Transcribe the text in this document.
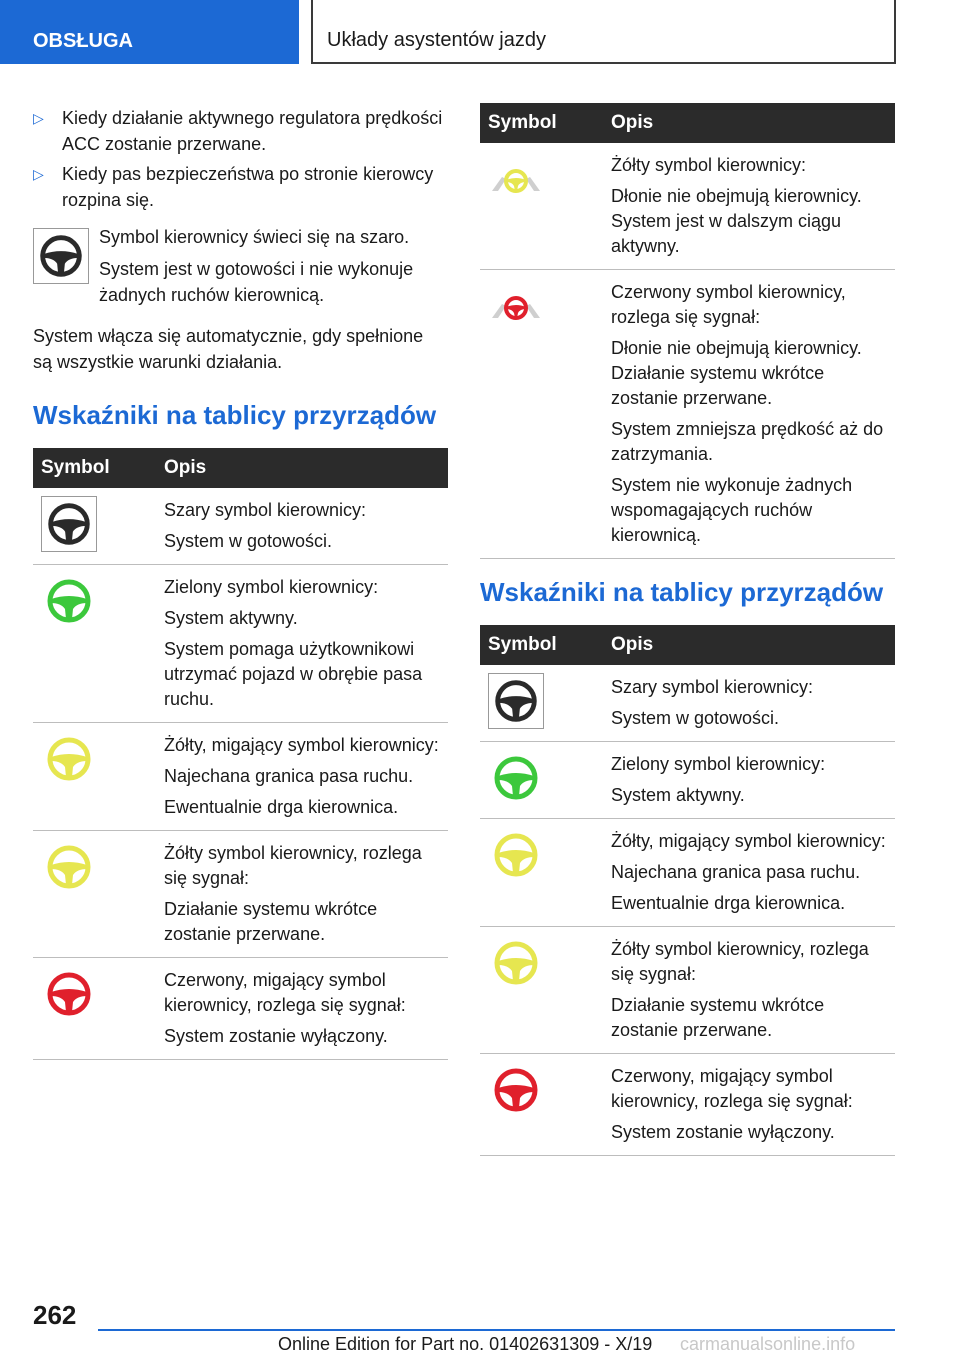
OBSŁUGA	Układy asystentów jazdy
▷ Kiedy działanie aktywnego regulatora prędkości ACC zostanie przerwane.
▷ Kiedy pas bezpieczeństwa po stronie kierowcy rozpina się.
Symbol kierownicy świeci się na szaro.
System jest w gotowości i nie wykonuje żadnych ruchów kierownicą.
System włącza się automatycznie, gdy spełnione są wszystkie warunki działania.
Wskaźniki na tablicy przyrządów
Symbol	Opis
Szary symbol kierownicy:
System w gotowości.
Zielony symbol kierownicy:
System aktywny.
System pomaga użytkownikowi utrzymać pojazd w obrębie pasa ruchu.
Żółty, migający symbol kierownicy:
Najechana granica pasa ruchu.
Ewentualnie drga kierownica.
Żółty symbol kierownicy, rozlega się sygnał:
Działanie systemu wkrótce zostanie przerwane.
Czerwony, migający symbol kierownicy, rozlega się sygnał:
System zostanie wyłączony.
Symbol	Opis
Żółty symbol kierownicy:
Dłonie nie obejmują kierownicy. System jest w dalszym ciągu aktywny.
Czerwony symbol kierownicy, rozlega się sygnał:
Dłonie nie obejmują kierownicy. Działanie systemu wkrótce zostanie przerwane.
System zmniejsza prędkość aż do zatrzymania.
System nie wykonuje żadnych wspomagających ruchów kierownicą.
Wskaźniki na tablicy przyrządów
Symbol	Opis
Szary symbol kierownicy:
System w gotowości.
Zielony symbol kierownicy:
System aktywny.
Żółty, migający symbol kierownicy:
Najechana granica pasa ruchu.
Ewentualnie drga kierownica.
Żółty symbol kierownicy, rozlega się sygnał:
Działanie systemu wkrótce zostanie przerwane.
Czerwony, migający symbol kierownicy, rozlega się sygnał:
System zostanie wyłączony.
262
Online Edition for Part no. 01402631309 - X/19 carmanualsonline.info
